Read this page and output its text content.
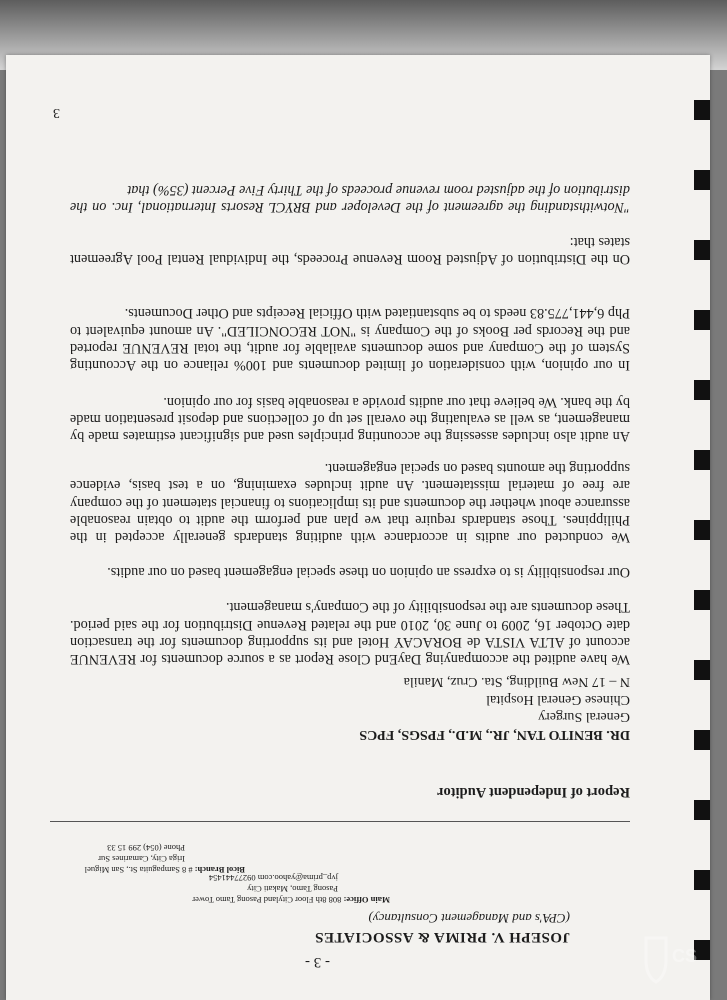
- 3 -
JOSEPH V. PRIMA & ASSOCIATES
(CPA's and Management Consultancy)
Main Office: 808 8th Floor Cityland Pasong Tamo Tower
Pasong Tamo, Makati City
jvp_prima@yahoo.com 09277441454
Bicol Branch: # 8 Sampaguita St., San Miguel
Iriga City, Camarines Sur
Phone (054) 299 15 33
Report of Independent Auditor
DR. BENITO TAN, JR., M.D., FPSGS, FPCS
General Surgery
Chinese General Hospital
N – 17 New Building, Sta. Cruz, Manila
We have audited the accompanying DayEnd Close Report as a source documents for REVENUE account of ALTA VISTA de BORACAY Hotel and its supporting documents for the transaction date October 16, 2009 to June 30, 2010 and the related Revenue Distribution for the said period. These documents are the responsibility of the Company's management.
Our responsibility is to express an opinion on these special engagement based on our audits.
We conducted our audits in accordance with auditing standards generally accepted in the Philippines. Those standards require that we plan and perform the audit to obtain reasonable assurance about whether the documents and its implications to financial statement of the company are free of material misstatement. An audit includes examining, on a test basis, evidence supporting the amounts based on special engagement.
An audit also includes assessing the accounting principles used and significant estimates made by management, as well as evaluating the overall set up of collections and deposit presentation made by the bank. We believe that our audits provide a reasonable basis for our opinion.
In our opinion, with consideration of limited documents and 100% reliance on the Accounting System of the Company and some documents available for audit, the total REVENUE reported and the Records per Books of the Company is "NOT RECONCILED". An amount equivalent to Php 6,441,775.83 needs to be substantiated with Official Receipts and Other Documents.
On the Distribution of Adjusted Room Revenue Proceeds, the Individual Rental Pool Agreement states that:
"Notwithstanding the agreement of the Developer and BRYCL Resorts International, Inc. on the distribution of the adjusted room revenue proceeds of the Thirty Five Percent (35%) that
3
CS
